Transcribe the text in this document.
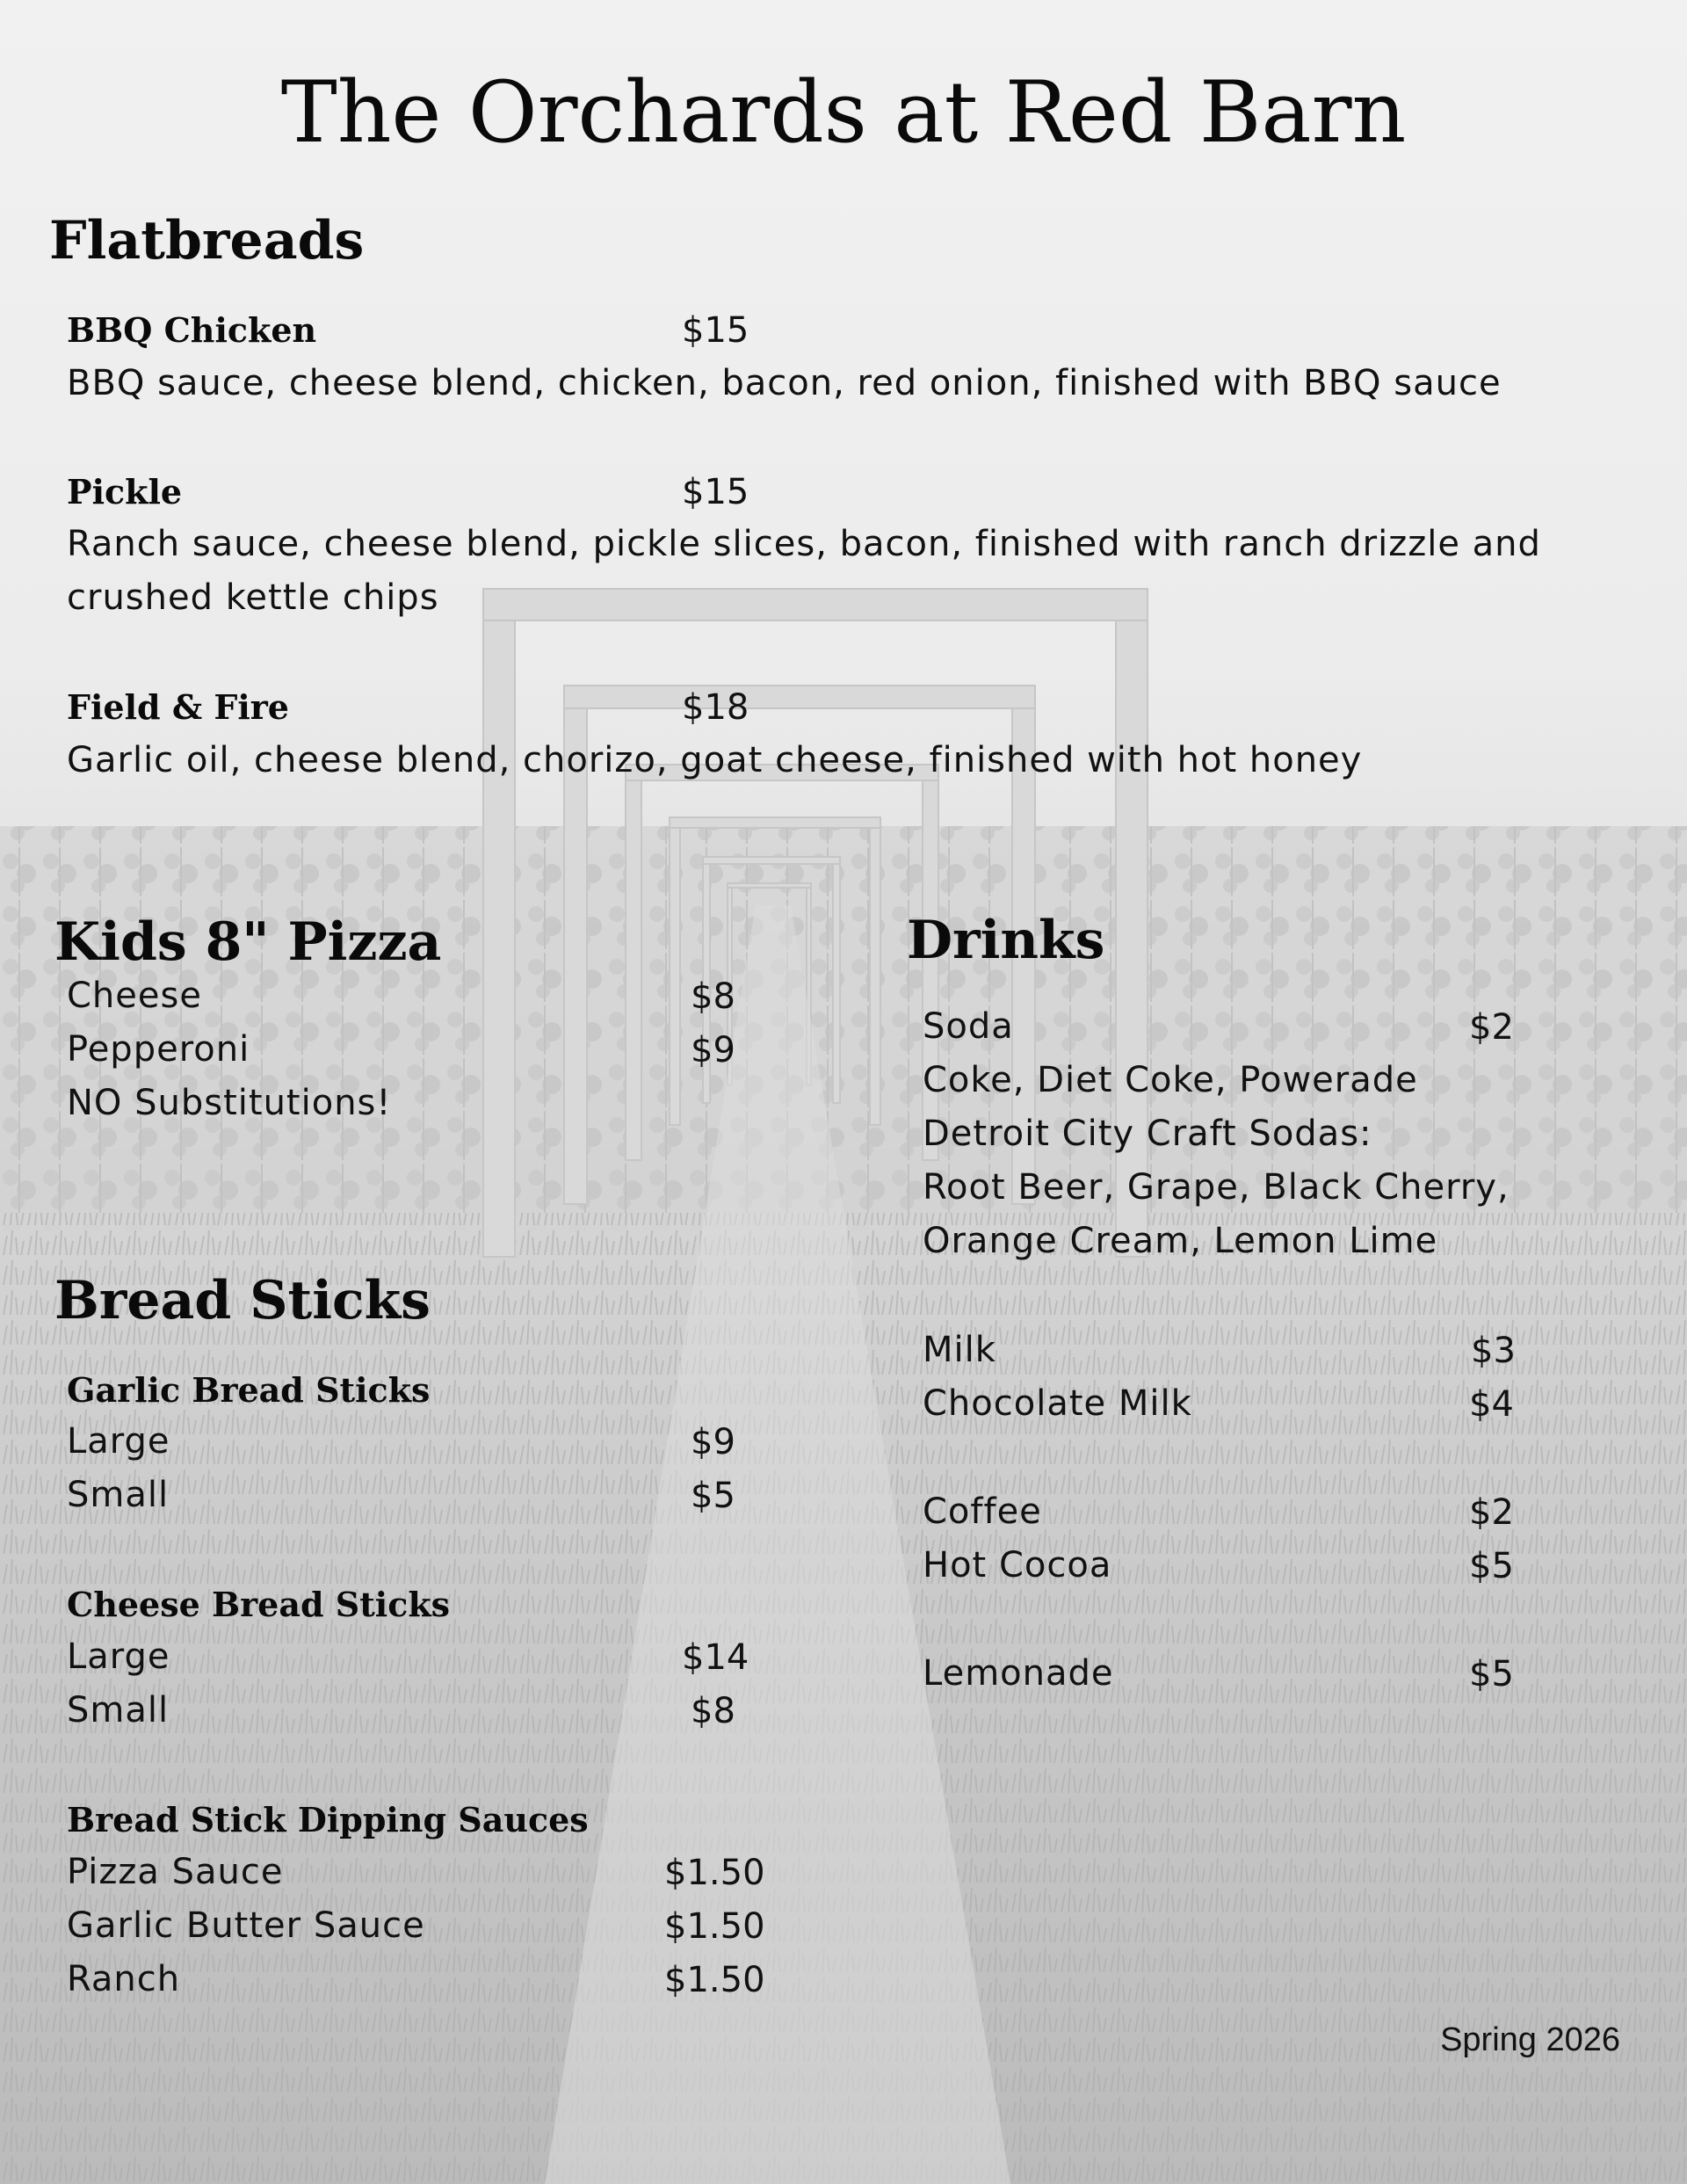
The Orchards at Red Barn
Flatbreads
BBQ Chicken	$15
BBQ sauce, cheese blend, chicken, bacon, red onion, finished with BBQ sauce
Pickle	$15
Ranch sauce, cheese blend, pickle slices, bacon, finished with ranch drizzle and crushed kettle chips
Field & Fire	$18
Garlic oil, cheese blend, chorizo, goat cheese, finished with hot honey
Kids 8" Pizza
Cheese	$8
Pepperoni	$9
NO Substitutions!
Bread Sticks
Garlic Bread Sticks
Large	$9
Small	$5
Cheese Bread Sticks
Large	$14
Small	$8
Bread Stick Dipping Sauces
Pizza Sauce	$1.50
Garlic Butter Sauce	$1.50
Ranch	$1.50
Drinks
Soda	$2
Coke, Diet Coke, Powerade
Detroit City Craft Sodas:
Root Beer, Grape, Black Cherry,
Orange Cream, Lemon Lime
Milk	$3
Chocolate Milk	$4
Coffee	$2
Hot Cocoa	$5
Lemonade	$5
Spring 2026
